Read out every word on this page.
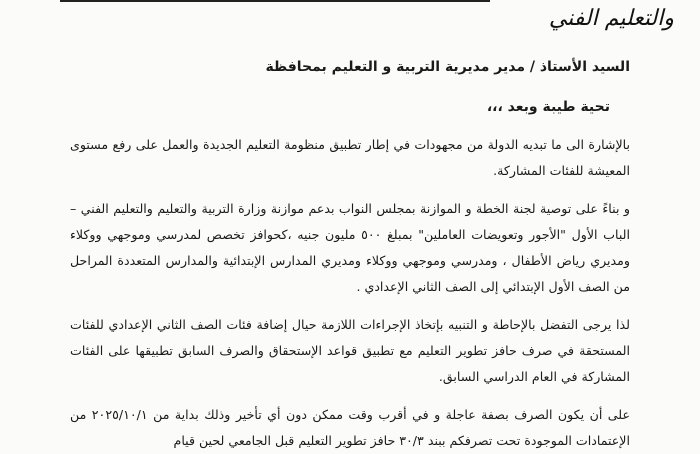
والتعليم الفني
السيد الأستاذ / مدير مديرية التربية و التعليم بمحافظة
تحية طيبة وبعد ،،،
بالإشارة الى ما تبديه الدولة من مجهودات في إطار تطبيق منظومة التعليم الجديدة والعمل على رفع مستوى المعيشة للفئات المشاركة.
و بناءً على توصية لجنة الخطة و الموازنة بمجلس النواب بدعم موازنة وزارة التربية والتعليم والتعليم الفني – الباب الأول "الأجور وتعويضات العاملين" بمبلغ ٥٠٠ مليون جنيه ،كحوافز تخصص لمدرسي وموجهي ووكلاء ومديري رياض الأطفال ، ومدرسي وموجهي ووكلاء ومديري المدارس الإبتدائية والمدارس المتعددة المراحل من الصف الأول الإبتدائي إلى الصف الثاني الإعدادي .
لذا يرجى التفضل بالإحاطة و التنبيه بإتخاذ الإجراءات اللازمة حيال إضافة فئات الصف الثاني الإعدادي للفئات المستحقة في صرف حافز تطوير التعليم مع تطبيق قواعد الإستحقاق والصرف السابق تطبيقها على الفئات المشاركة في العام الدراسي السابق.
على أن يكون الصرف بصفة عاجلة و في أقرب وقت ممكن دون أي تأخير وذلك بداية من ٢٠٢٥/١٠/١ من الإعتمادات الموجودة تحت تصرفكم ببند ٣٠/٣ حافز تطوير التعليم قبل الجامعي لحين قيام
